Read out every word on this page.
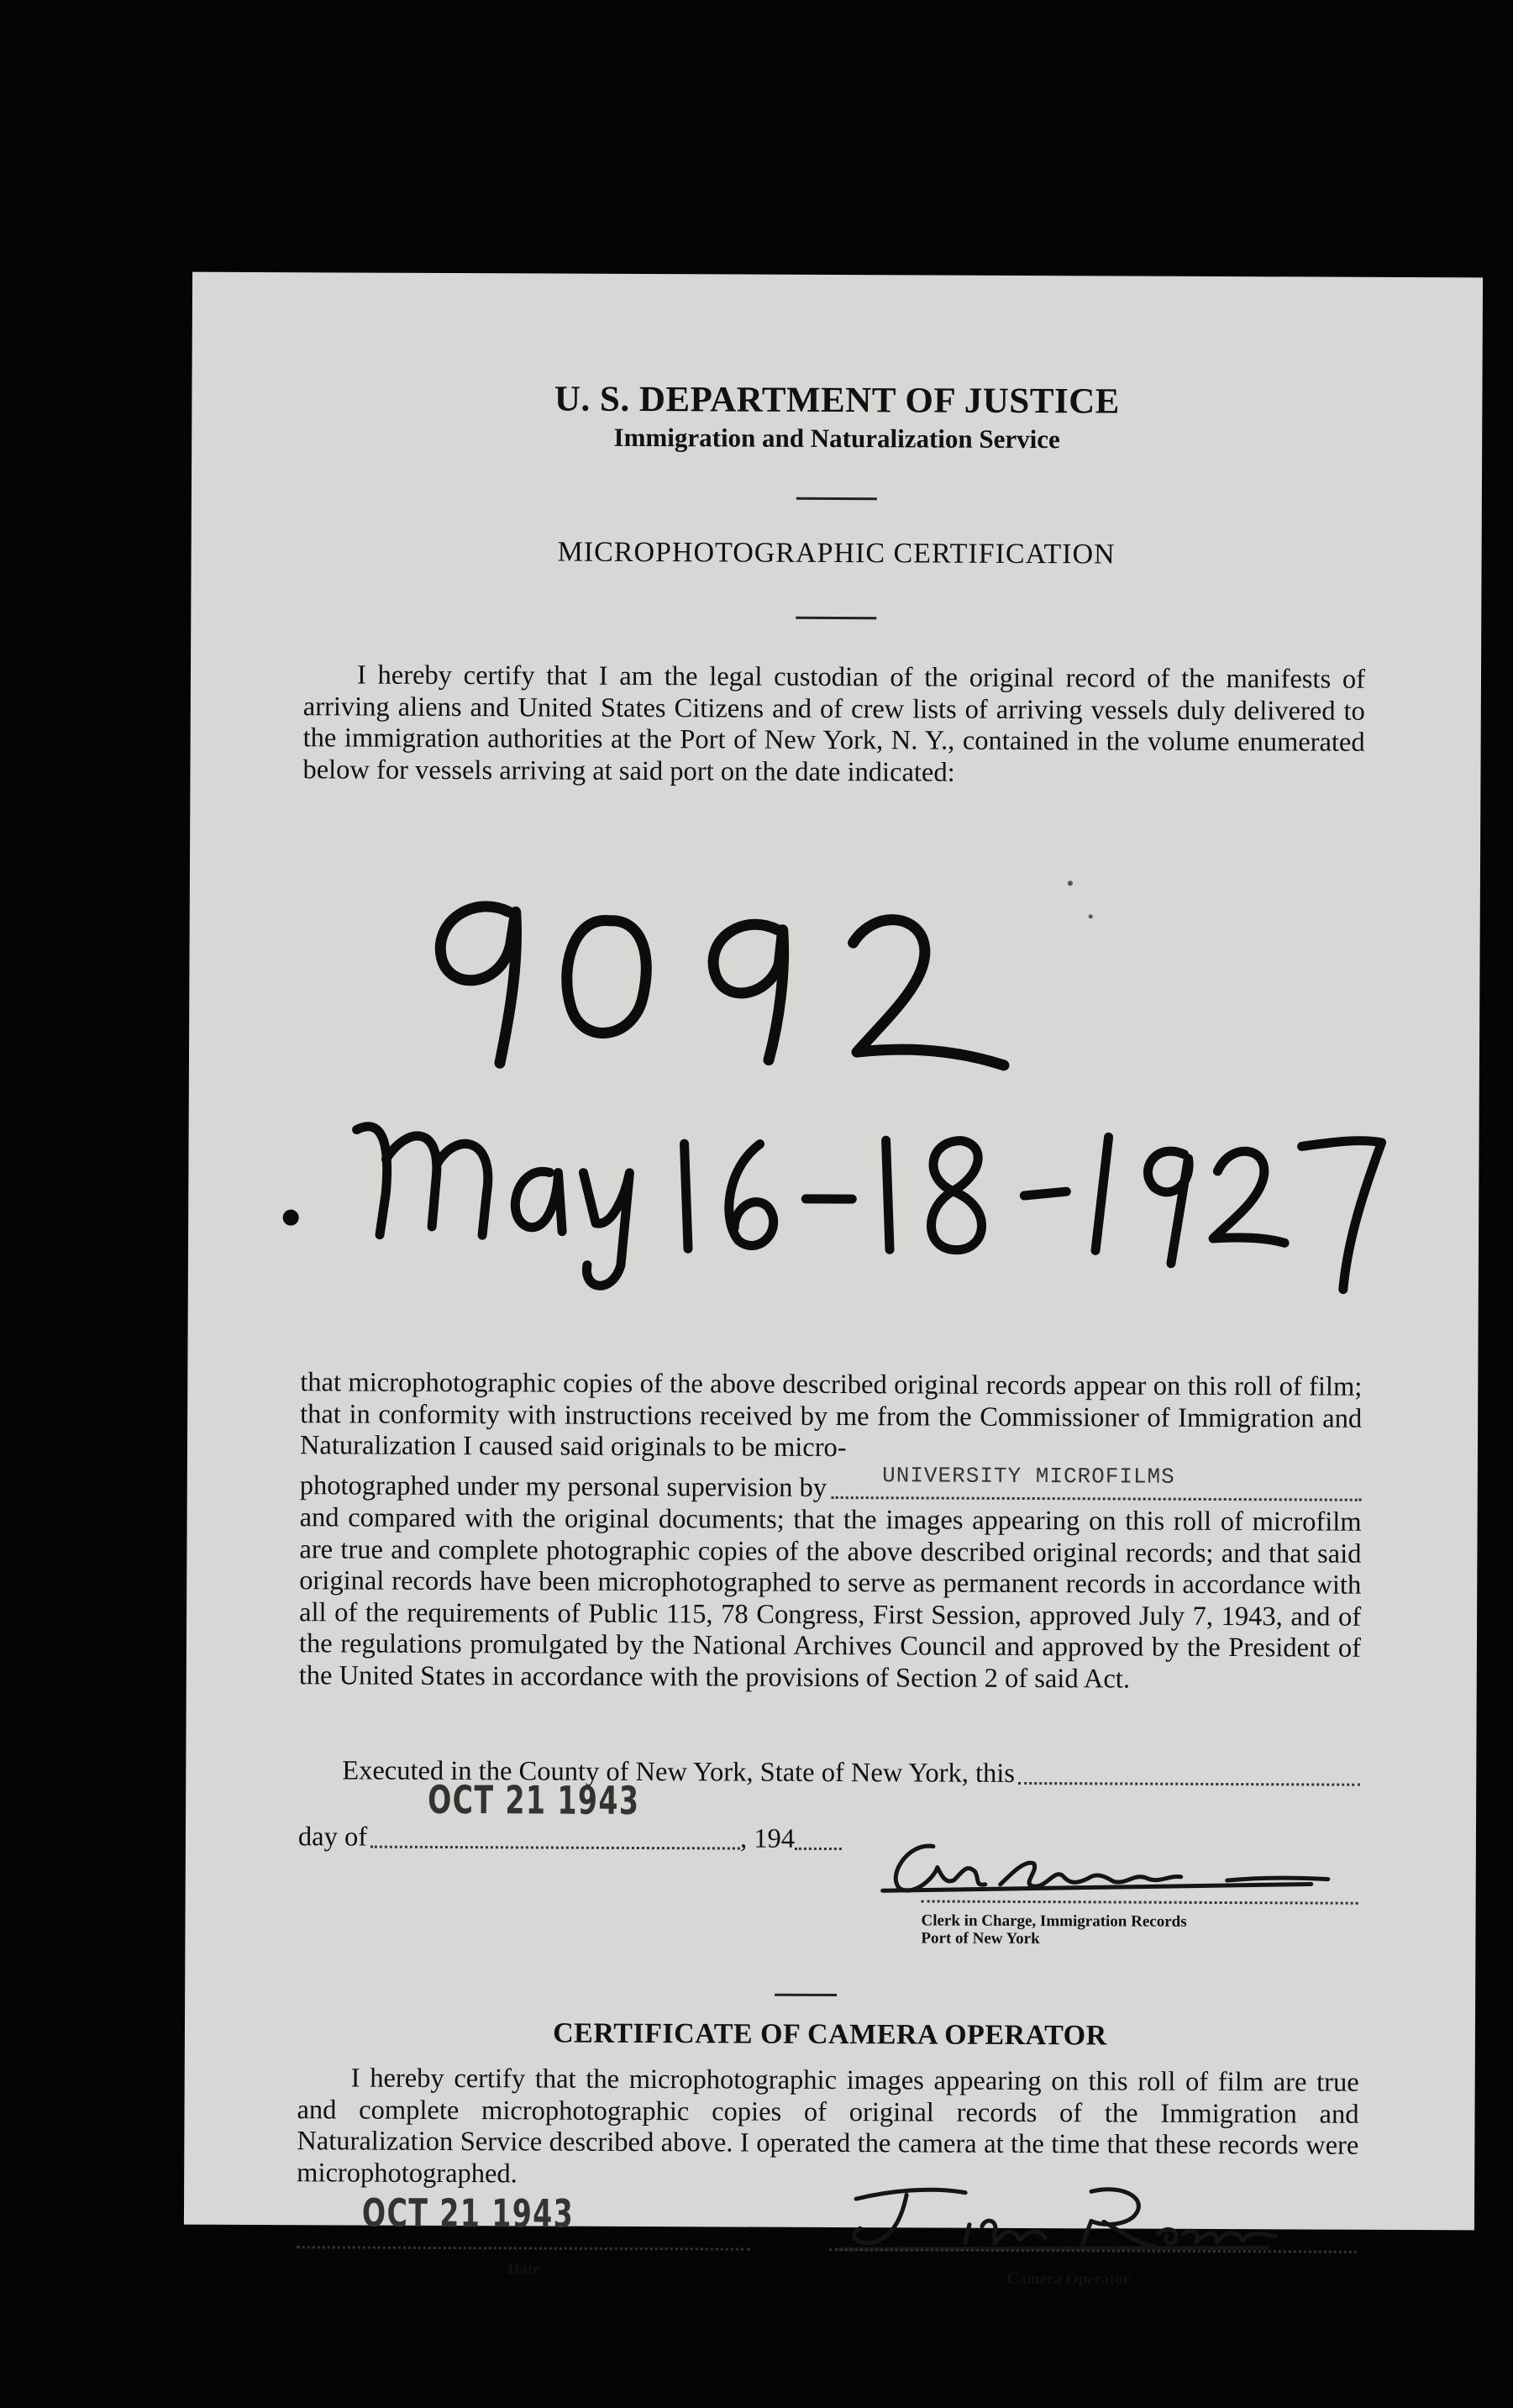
U. S. DEPARTMENT OF JUSTICE
Immigration and Naturalization Service
MICROPHOTOGRAPHIC CERTIFICATION

I hereby certify that I am the legal custodian of the original record of the manifests of arriving aliens and United States Citizens and of crew lists of arriving vessels duly delivered to the immigration authorities at the Port of New York, N. Y., contained in the volume enumerated below for vessels arriving at said port on the date indicated:

that microphotographic copies of the above described original records appear on this roll of film; that in conformity with instructions received by me from the Commissioner of Immigration and Naturalization I caused said originals to be micro-

photographed under my personal supervision by	UNIVERSITY MICROFILMS

and compared with the original documents; that the images appearing on this roll of microfilm are true and complete photographic copies of the above described original records; and that said original records have been microphotographed to serve as permanent records in accordance with all of the requirements of Public 115, 78 Congress, First Session, approved July 7, 1943, and of the regulations promulgated by the National Archives Council and approved by the President of the United States in accordance with the provisions of Section 2 of said Act.

Executed in the County of New York, State of New York, this
OCT 21 1943
day of	, 194
Clerk in Charge, Immigration Records
Port of New York
CERTIFICATE OF CAMERA OPERATOR

I hereby certify that the microphotographic images appearing on this roll of film are true and complete microphotographic copies of original records of the Immigration and Naturalization Service described above. I operated the camera at the time that these records were microphotographed.

OCT 21 1943
Date
Camera Operator
